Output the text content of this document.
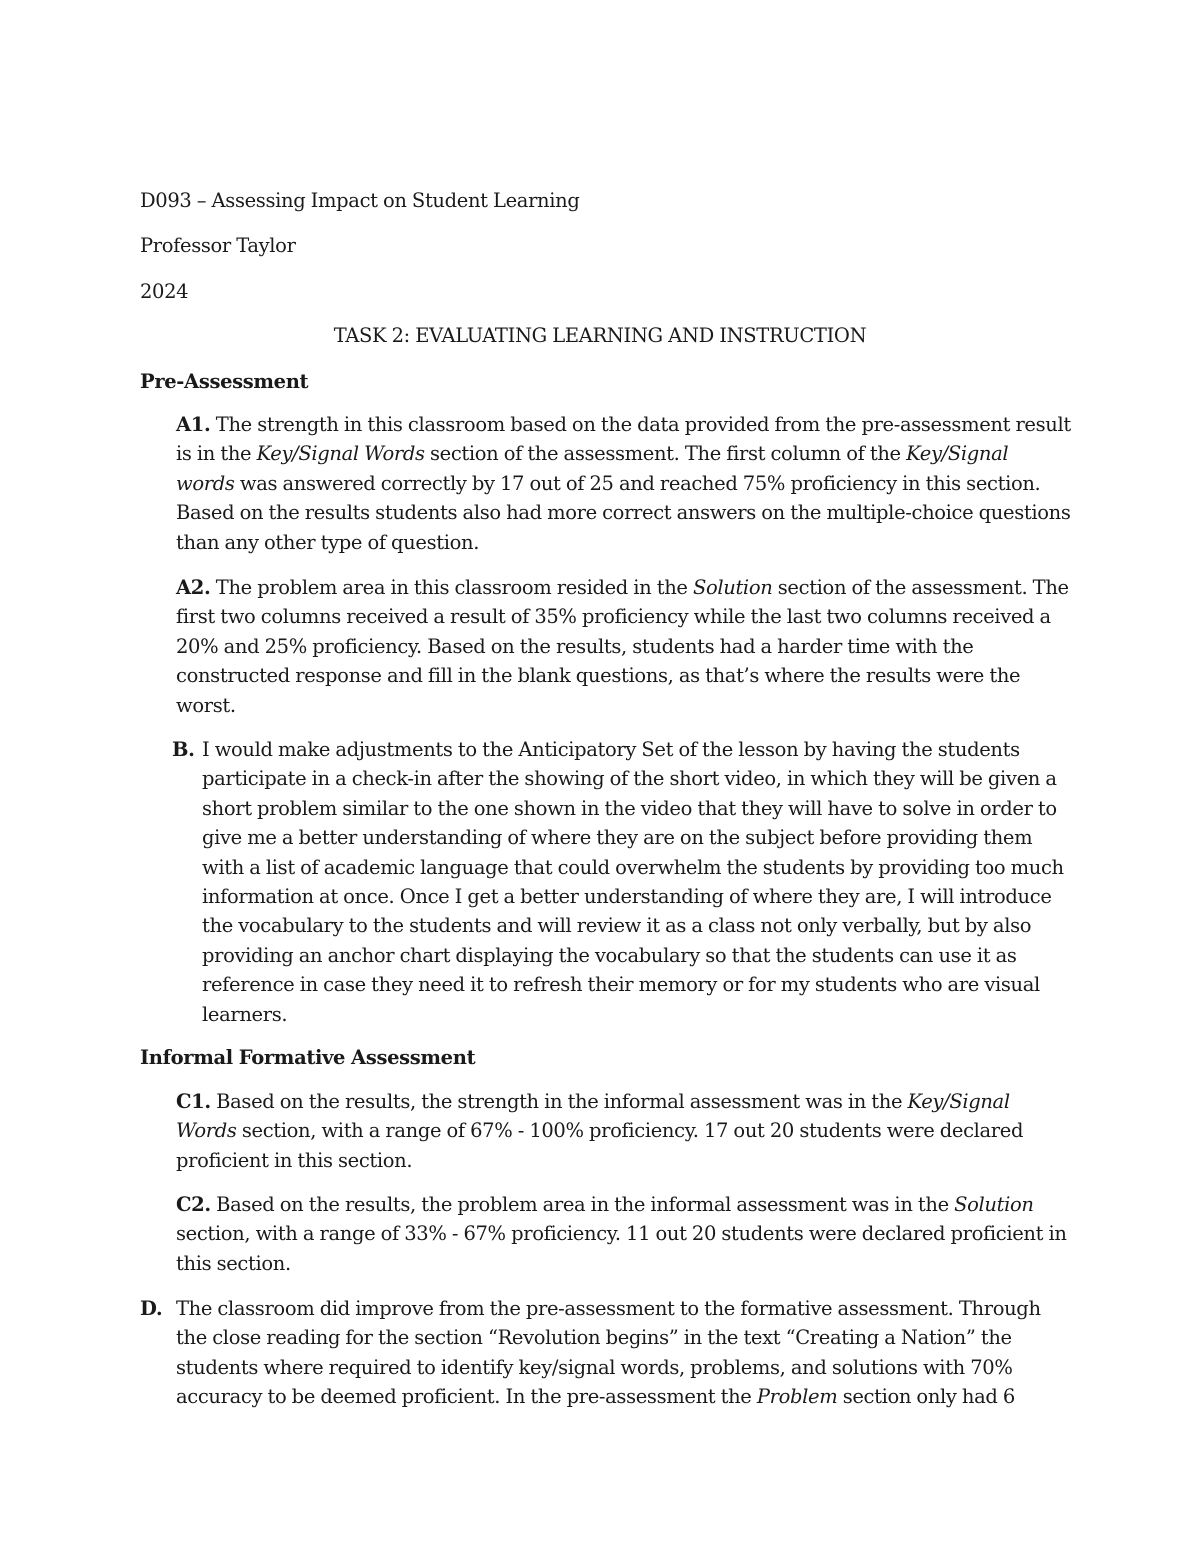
D093 – Assessing Impact on Student Learning
Professor Taylor
2024
TASK 2: EVALUATING LEARNING AND INSTRUCTION
Pre-Assessment

A1. The strength in this classroom based on the data provided from the pre-assessment result is in the Key/Signal Words section of the assessment. The first column of the Key/Signal words was answered correctly by 17 out of 25 and reached 75% proficiency in this section. Based on the results students also had more correct answers on the multiple-choice questions than any other type of question.

A2. The problem area in this classroom resided in the Solution section of the assessment. The first two columns received a result of 35% proficiency while the last two columns received a 20% and 25% proficiency. Based on the results, students had a harder time with the constructed response and fill in the blank questions, as that’s where the results were the worst.

B. I would make adjustments to the Anticipatory Set of the lesson by having the students participate in a check-in after the showing of the short video, in which they will be given a short problem similar to the one shown in the video that they will have to solve in order to give me a better understanding of where they are on the subject before providing them with a list of academic language that could overwhelm the students by providing too much information at once. Once I get a better understanding of where they are, I will introduce the vocabulary to the students and will review it as a class not only verbally, but by also providing an anchor chart displaying the vocabulary so that the students can use it as reference in case they need it to refresh their memory or for my students who are visual learners.
Informal Formative Assessment

C1. Based on the results, the strength in the informal assessment was in the Key/Signal Words section, with a range of 67% - 100% proficiency. 17 out 20 students were declared proficient in this section.

C2. Based on the results, the problem area in the informal assessment was in the Solution section, with a range of 33% - 67% proficiency. 11 out 20 students were declared proficient in this section.

D. The classroom did improve from the pre-assessment to the formative assessment. Through the close reading for the section “Revolution begins” in the text “Creating a Nation” the students where required to identify key/signal words, problems, and solutions with 70% accuracy to be deemed proficient. In the pre-assessment the Problem section only had 6
